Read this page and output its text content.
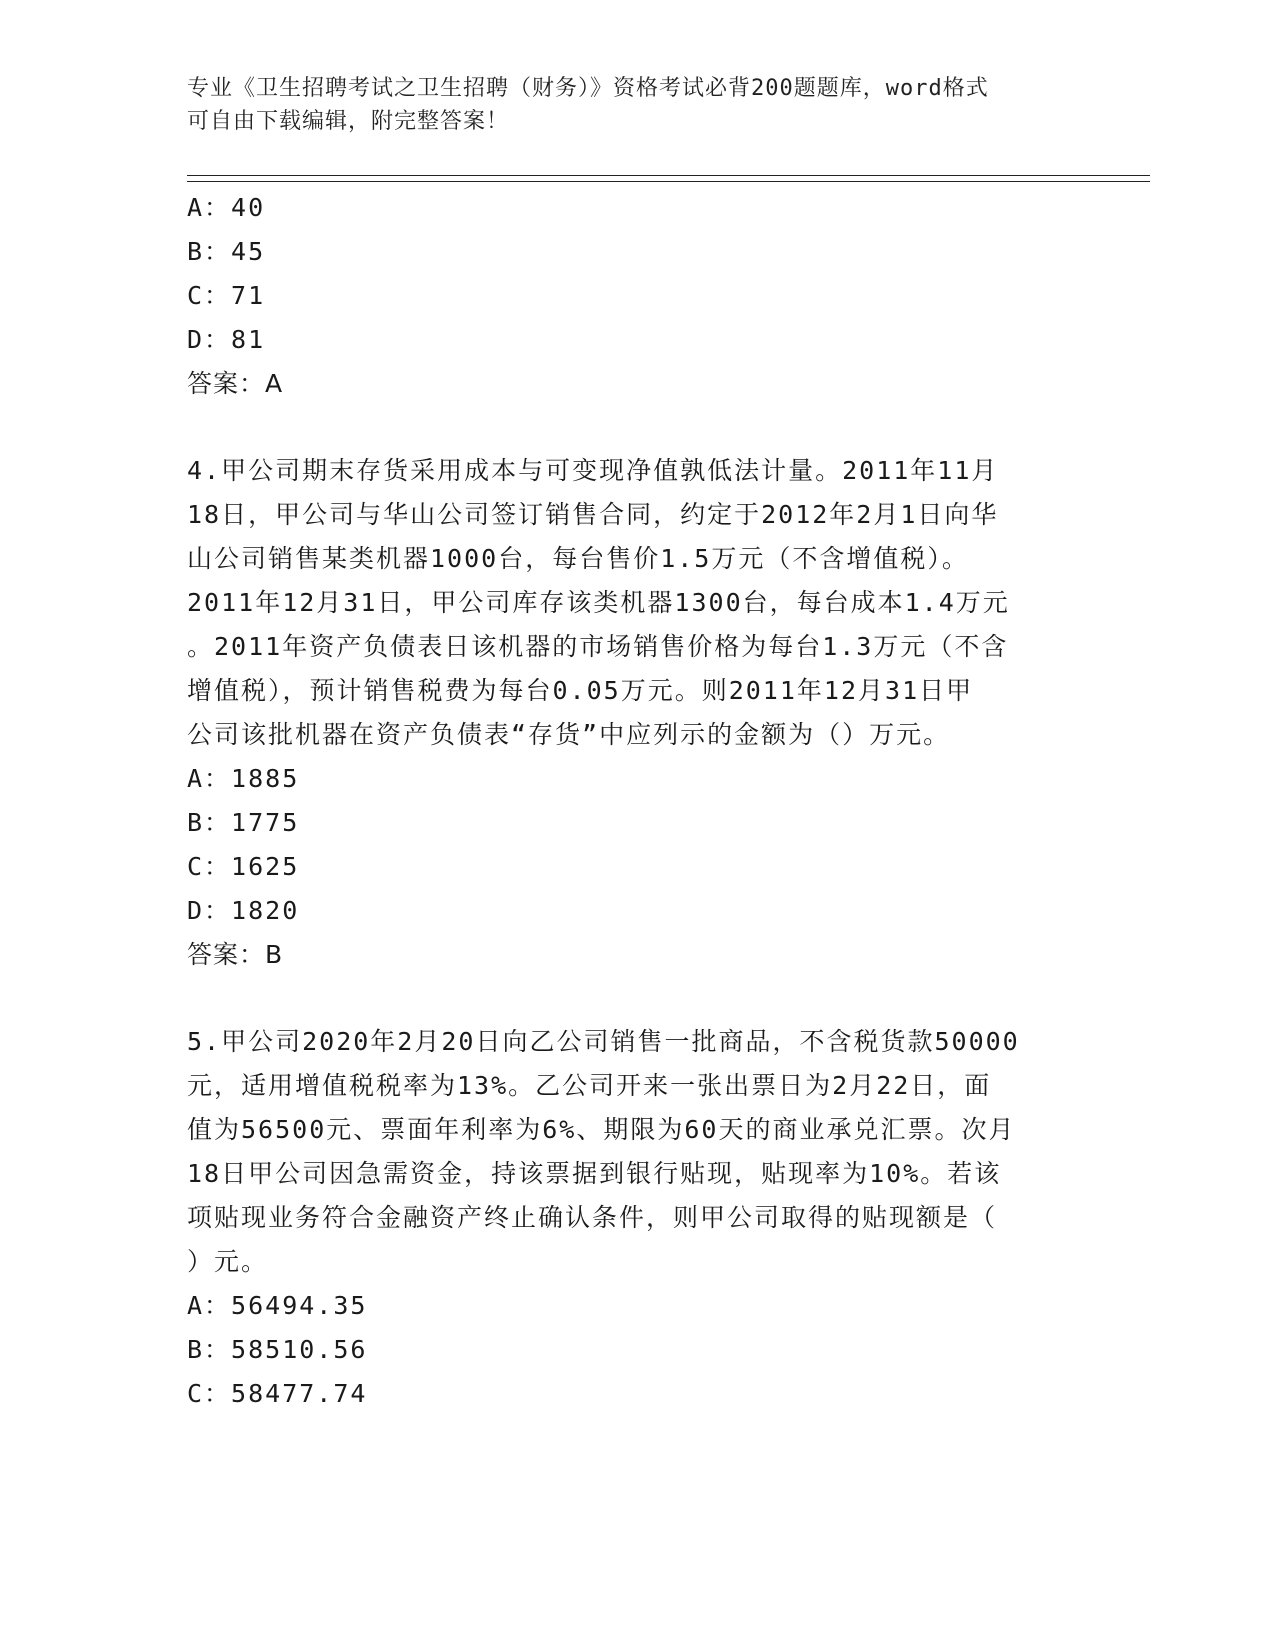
专业《卫生招聘考试之卫生招聘（财务）》资格考试必背200题题库，word格式
可自由下载编辑，附完整答案！
A：40
B：45
C：71
D：81
答案：A
4.甲公司期末存货采用成本与可变现净值孰低法计量。2011年11月
18日，甲公司与华山公司签订销售合同，约定于2012年2月1日向华
山公司销售某类机器1000台，每台售价1.5万元（不含增值税）。
2011年12月31日，甲公司库存该类机器1300台，每台成本1.4万元
。2011年资产负债表日该机器的市场销售价格为每台1.3万元（不含
增值税），预计销售税费为每台0.05万元。则2011年12月31日甲
公司该批机器在资产负债表“存货”中应列示的金额为（）万元。
A：1885
B：1775
C：1625
D：1820
答案：B
5.甲公司2020年2月20日向乙公司销售一批商品，不含税货款50000
元，适用增值税税率为13%。乙公司开来一张出票日为2月22日，面
值为56500元、票面年利率为6%、期限为60天的商业承兑汇票。次月
18日甲公司因急需资金，持该票据到银行贴现，贴现率为10%。若该
项贴现业务符合金融资产终止确认条件，则甲公司取得的贴现额是（
）元。
A：56494.35
B：58510.56
C：58477.74
